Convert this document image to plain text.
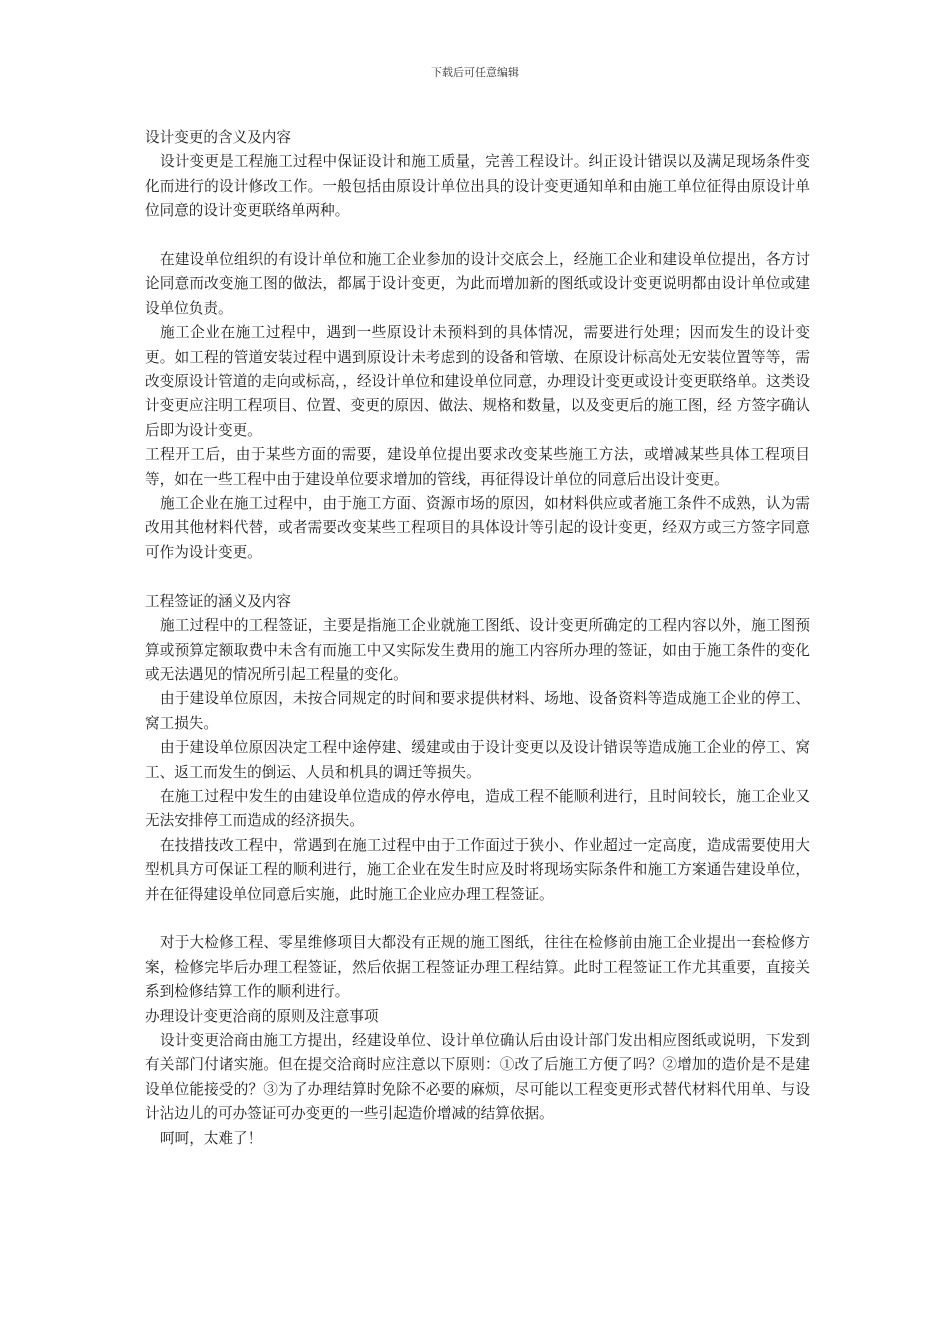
下载后可任意编辑

设计变更的含义及内容

设计变更是工程施工过程中保证设计和施工质量，完善工程设计。纠正设计错误以及满足现场条件变化而进行的设计修改工作。一般包括由原设计单位出具的设计变更通知单和由施工单位征得由原设计单位同意的设计变更联络单两种。

在建设单位组织的有设计单位和施工企业参加的设计交底会上，经施工企业和建设单位提出，各方讨论同意而改变施工图的做法，都属于设计变更，为此而增加新的图纸或设计变更说明都由设计单位或建设单位负责。

施工企业在施工过程中，遇到一些原设计未预料到的具体情况，需要进行处理；因而发生的设计变更。如工程的管道安装过程中遇到原设计未考虑到的设备和管墩、在原设计标高处无安装位置等等，需改变原设计管道的走向或标高，，经设计单位和建设单位同意，办理设计变更或设计变更联络单。这类设计变更应注明工程项目、位置、变更的原因、做法、规格和数量，以及变更后的施工图，经 方签字确认后即为设计变更。

工程开工后，由于某些方面的需要，建设单位提出要求改变某些施工方法，或增减某些具体工程项目等，如在一些工程中由于建设单位要求增加的管线，再征得设计单位的同意后出设计变更。

施工企业在施工过程中，由于施工方面、资源市场的原因，如材料供应或者施工条件不成熟，认为需改用其他材料代替，或者需要改变某些工程项目的具体设计等引起的设计变更，经双方或三方签字同意可作为设计变更。

工程签证的涵义及内容

施工过程中的工程签证，主要是指施工企业就施工图纸、设计变更所确定的工程内容以外，施工图预算或预算定额取费中未含有而施工中又实际发生费用的施工内容所办理的签证，如由于施工条件的变化或无法遇见的情况所引起工程量的变化。

由于建设单位原因，未按合同规定的时间和要求提供材料、场地、设备资料等造成施工企业的停工、窝工损失。

由于建设单位原因决定工程中途停建、缓建或由于设计变更以及设计错误等造成施工企业的停工、窝工、返工而发生的倒运、人员和机具的调迁等损失。

在施工过程中发生的由建设单位造成的停水停电，造成工程不能顺利进行，且时间较长，施工企业又无法安排停工而造成的经济损失。

在技措技改工程中，常遇到在施工过程中由于工作面过于狭小、作业超过一定高度，造成需要使用大型机具方可保证工程的顺利进行，施工企业在发生时应及时将现场实际条件和施工方案通告建设单位，并在征得建设单位同意后实施，此时施工企业应办理工程签证。

对于大检修工程、零星维修项目大都没有正规的施工图纸，往往在检修前由施工企业提出一套检修方案，检修完毕后办理工程签证，然后依据工程签证办理工程结算。此时工程签证工作尤其重要，直接关系到检修结算工作的顺利进行。

办理设计变更洽商的原则及注意事项

设计变更洽商由施工方提出，经建设单位、设计单位确认后由设计部门发出相应图纸或说明，下发到有关部门付诸实施。但在提交洽商时应注意以下原则：①改了后施工方便了吗？②增加的造价是不是建设单位能接受的？③为了办理结算时免除不必要的麻烦，尽可能以工程变更形式替代材料代用单、与设计沾边儿的可办签证可办变更的一些引起造价增减的结算依据。

呵呵，太难了！
